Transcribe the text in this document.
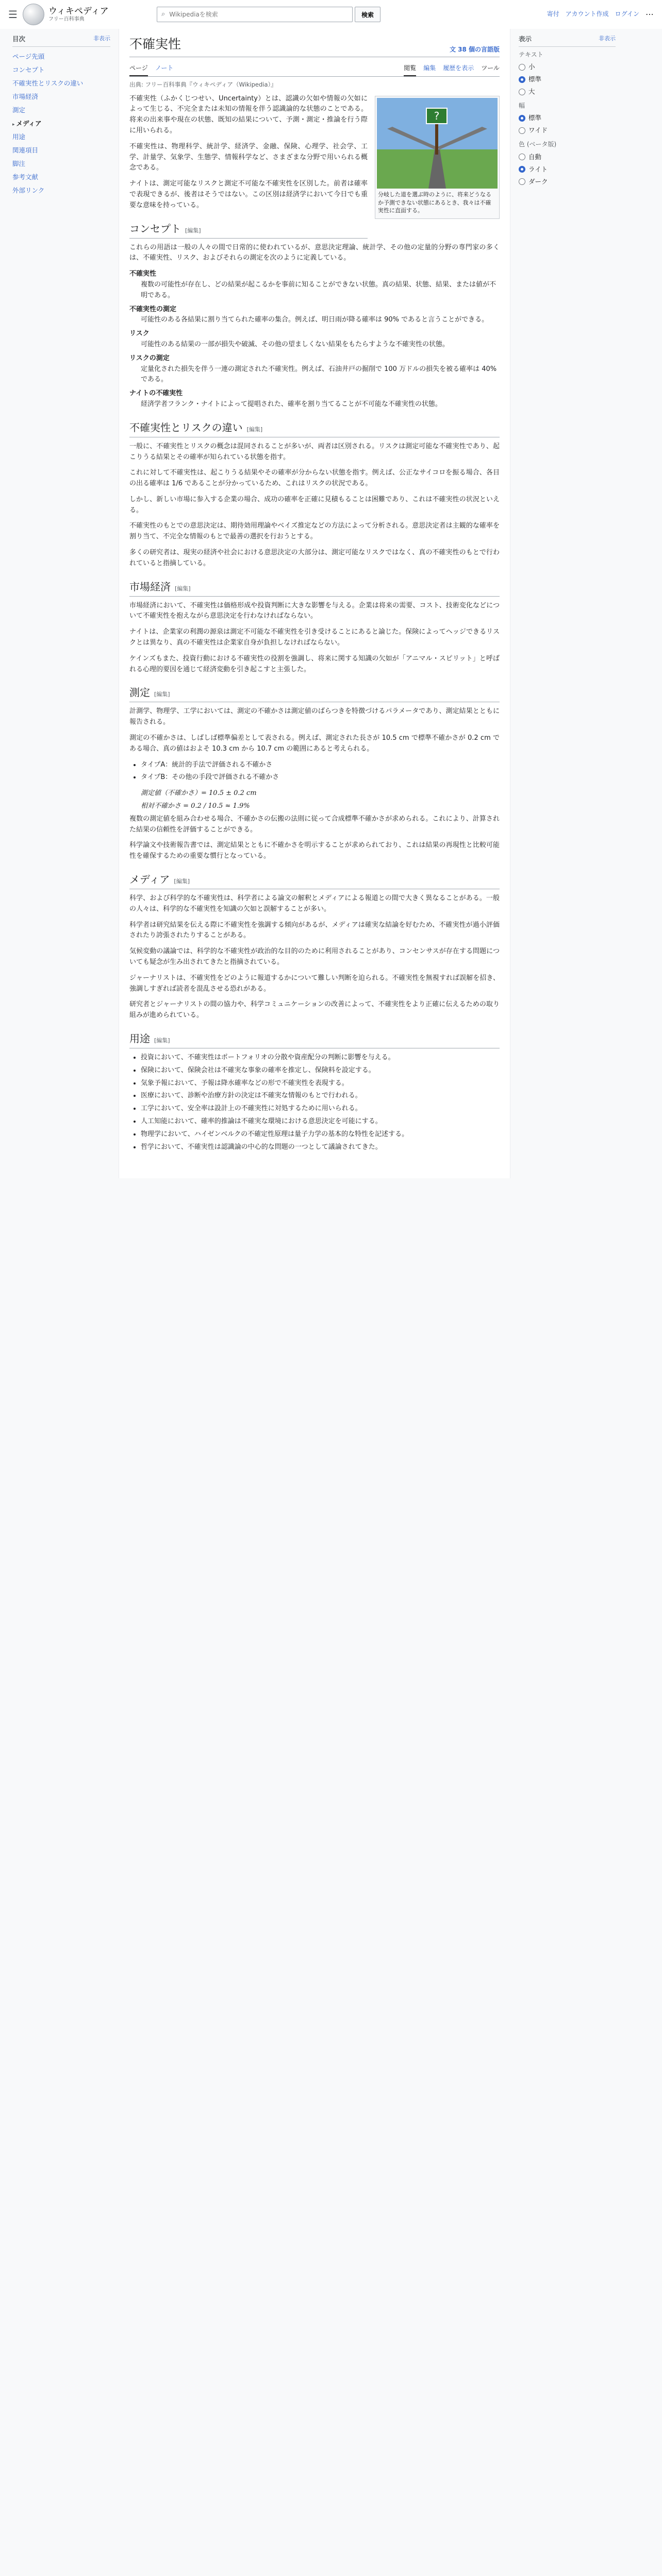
☰	ウィキペディア
フリー百科事典
⌕
Wikipediaを検索	検索	寄付 アカウント作成 ログイン ⋯
目次	非表示
ページ先頭
コンセプト
不確実性とリスクの違い
市場経済
測定
▸ メディア
用途
関連項目
脚注
参考文献
外部リンク
不確実性	文 38 個の言語版
ページ ノート	閲覧 編集 履歴を表示 ツール
出典: フリー百科事典『ウィキペディア（Wikipedia）』
?
分岐した道を選ぶ時のように、将来どうなるか予測できない状態にあるとき、我々は不確実性に直面する。

不確実性（ふかくじつせい、Uncertainty）とは、認識の欠如や情報の欠如によって生じる、不完全または未知の情報を伴う認識論的な状態のことである。将来の出来事や現在の状態、既知の結果について、予測・測定・推論を行う際に用いられる。

不確実性は、物理科学、統計学、経済学、金融、保険、心理学、社会学、工学、計量学、気象学、生態学、情報科学など、さまざまな分野で用いられる概念である。

ナイトは、測定可能なリスクと測定不可能な不確実性を区別した。前者は確率で表現できるが、後者はそうではない。この区別は経済学において今日でも重要な意味を持っている。

コンセプト [編集]

これらの用語は一般の人々の間で日常的に使われているが、意思決定理論、統計学、その他の定量的分野の専門家の多くは、不確実性、リスク、およびそれらの測定を次のように定義している。

不確実性
複数の可能性が存在し、どの結果が起こるかを事前に知ることができない状態。真の結果、状態、結果、または値が不明である。
不確実性の測定
可能性のある各結果に割り当てられた確率の集合。例えば、明日雨が降る確率は 90% であると言うことができる。
リスク
可能性のある結果の一部が損失や破滅、その他の望ましくない結果をもたらすような不確実性の状態。
リスクの測定
定量化された損失を伴う一連の測定された不確実性。例えば、石油井戸の掘削で 100 万ドルの損失を被る確率は 40% である。
ナイトの不確実性
経済学者フランク・ナイトによって提唱された、確率を割り当てることが不可能な不確実性の状態。
不確実性とリスクの違い [編集]

一般に、不確実性とリスクの概念は混同されることが多いが、両者は区別される。リスクは測定可能な不確実性であり、起こりうる結果とその確率が知られている状態を指す。

これに対して不確実性は、起こりうる結果やその確率が分からない状態を指す。例えば、公正なサイコロを振る場合、各目の出る確率は 1/6 であることが分かっているため、これはリスクの状況である。

しかし、新しい市場に参入する企業の場合、成功の確率を正確に見積もることは困難であり、これは不確実性の状況といえる。

不確実性のもとでの意思決定は、期待効用理論やベイズ推定などの方法によって分析される。意思決定者は主観的な確率を割り当て、不完全な情報のもとで最善の選択を行おうとする。

多くの研究者は、現実の経済や社会における意思決定の大部分は、測定可能なリスクではなく、真の不確実性のもとで行われていると指摘している。

市場経済 [編集]

市場経済において、不確実性は価格形成や投資判断に大きな影響を与える。企業は将来の需要、コスト、技術変化などについて不確実性を抱えながら意思決定を行わなければならない。

ナイトは、企業家の利潤の源泉は測定不可能な不確実性を引き受けることにあると論じた。保険によってヘッジできるリスクとは異なり、真の不確実性は企業家自身が負担しなければならない。

ケインズもまた、投資行動における不確実性の役割を強調し、将来に関する知識の欠如が「アニマル・スピリット」と呼ばれる心理的要因を通じて経済変動を引き起こすと主張した。

測定 [編集]

計測学、物理学、工学においては、測定の不確かさは測定値のばらつきを特徴づけるパラメータであり、測定結果とともに報告される。

測定の不確かさは、しばしば標準偏差として表される。例えば、測定された長さが 10.5 cm で標準不確かさが 0.2 cm である場合、真の値はおよそ 10.3 cm から 10.7 cm の範囲にあると考えられる。

• タイプA：統計的手法で評価される不確かさ
• タイプB：その他の手段で評価される不確かさ
測定値（不確かさ）= 10.5 ± 0.2 cm
相対不確かさ = 0.2 / 10.5 ≈ 1.9%

複数の測定値を組み合わせる場合、不確かさの伝搬の法則に従って合成標準不確かさが求められる。これにより、計算された結果の信頼性を評価することができる。

科学論文や技術報告書では、測定結果とともに不確かさを明示することが求められており、これは結果の再現性と比較可能性を確保するための重要な慣行となっている。

メディア [編集]

科学、および科学的な不確実性は、科学者による論文の解釈とメディアによる報道との間で大きく異なることがある。一般の人々は、科学的な不確実性を知識の欠如と誤解することが多い。

科学者は研究結果を伝える際に不確実性を強調する傾向があるが、メディアは確実な結論を好むため、不確実性が過小評価されたり誇張されたりすることがある。

気候変動の議論では、科学的な不確実性が政治的な目的のために利用されることがあり、コンセンサスが存在する問題についても疑念が生み出されてきたと指摘されている。

ジャーナリストは、不確実性をどのように報道するかについて難しい判断を迫られる。不確実性を無視すれば誤解を招き、強調しすぎれば読者を混乱させる恐れがある。

研究者とジャーナリストの間の協力や、科学コミュニケーションの改善によって、不確実性をより正確に伝えるための取り組みが進められている。

用途 [編集]
• 投資において、不確実性はポートフォリオの分散や資産配分の判断に影響を与える。
• 保険において、保険会社は不確実な事象の確率を推定し、保険料を設定する。
• 気象予報において、予報は降水確率などの形で不確実性を表現する。
• 医療において、診断や治療方針の決定は不確実な情報のもとで行われる。
• 工学において、安全率は設計上の不確実性に対処するために用いられる。
• 人工知能において、確率的推論は不確実な環境における意思決定を可能にする。
• 物理学において、ハイゼンベルクの不確定性原理は量子力学の基本的な特性を記述する。
• 哲学において、不確実性は認識論の中心的な問題の一つとして議論されてきた。
表示	非表示
テキスト
小
標準
大
幅
標準
ワイド
色 (ベータ版)
自動
ライト
ダーク
